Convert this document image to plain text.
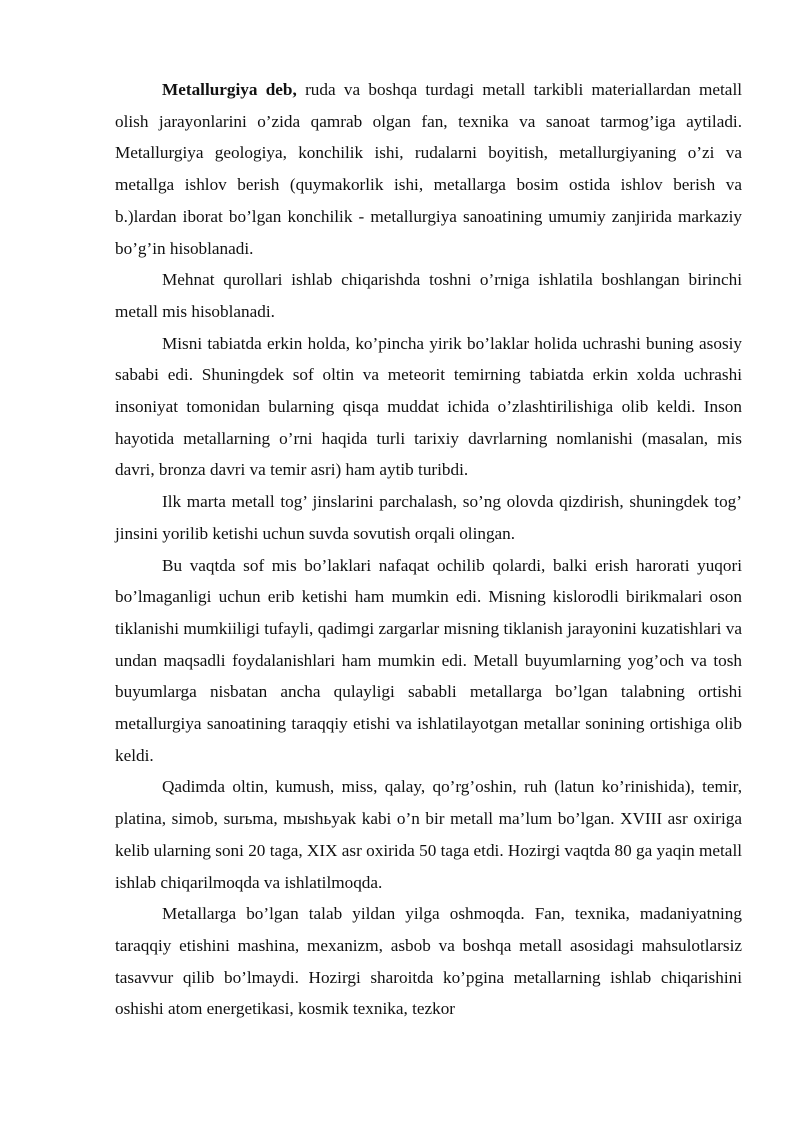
Metallurgiya deb, ruda va boshqa turdagi metall tarkibli materiallardan metall olish jarayonlarini o’zida qamrab olgan fan, texnika va sanoat tarmog’iga aytiladi. Metallurgiya geologiya, konchilik ishi, rudalarni boyitish, metallurgiyaning o’zi va metallga ishlov berish (quymakorlik ishi, metallarga bosim ostida ishlov berish va b.)lardan iborat bo’lgan konchilik - metallurgiya sanoatining umumiy zanjirida markaziy bo’g’in hisoblanadi.

Mehnat qurollari ishlab chiqarishda toshni o’rniga ishlatila boshlangan birinchi metall mis hisoblanadi.

Misni tabiatda erkin holda, ko’pincha yirik bo’laklar holida uchrashi buning asosiy sababi edi. Shuningdek sof oltin va meteorit temirning tabiatda erkin xolda uchrashi insoniyat tomonidan bularning qisqa muddat ichida o’zlashtirilishiga olib keldi. Inson hayotida metallarning o’rni haqida turli tarixiy davrlarning nomlanishi (masalan, mis davri, bronza davri va temir asri) ham aytib turibdi.

Ilk marta metall tog’ jinslarini parchalash, so’ng olovda qizdirish, shuningdek tog’ jinsini yorilib ketishi uchun suvda sovutish orqali olingan.

Bu vaqtda sof mis bo’laklari nafaqat ochilib qolardi, balki erish harorati yuqori bo’lmaganligi uchun erib ketishi ham mumkin edi. Misning kislorodli birikmalari oson tiklanishi mumkiiligi tufayli, qadimgi zargarlar misning tiklanish jarayonini kuzatishlari va undan maqsadli foydalanishlari ham mumkin edi. Metall buyumlarning yog’och va tosh buyumlarga nisbatan ancha qulayligi sababli metallarga bo’lgan talabning ortishi metallurgiya sanoatining taraqqiy etishi va ishlatilayotgan metallar sonining ortishiga olib keldi.

Qadimda oltin, kumush, miss, qalay, qo’rg’oshin, ruh (latun ko’rinishida), temir, platina, simob, surьma, mыshьyak kabi o’n bir metall ma’lum bo’lgan. XVIII asr oxiriga kelib ularning soni 20 taga, XIX asr oxirida 50 taga etdi. Hozirgi vaqtda 80 ga yaqin metall ishlab chiqarilmoqda va ishlatilmoqda.

Metallarga bo’lgan talab yildan yilga oshmoqda. Fan, texnika, madaniyatning taraqqiy etishini mashina, mexanizm, asbob va boshqa metall asosidagi mahsulotlarsiz tasavvur qilib bo’lmaydi. Hozirgi sharoitda ko’pgina metallarning ishlab chiqarishini oshishi atom energetikasi, kosmik texnika, tezkor
